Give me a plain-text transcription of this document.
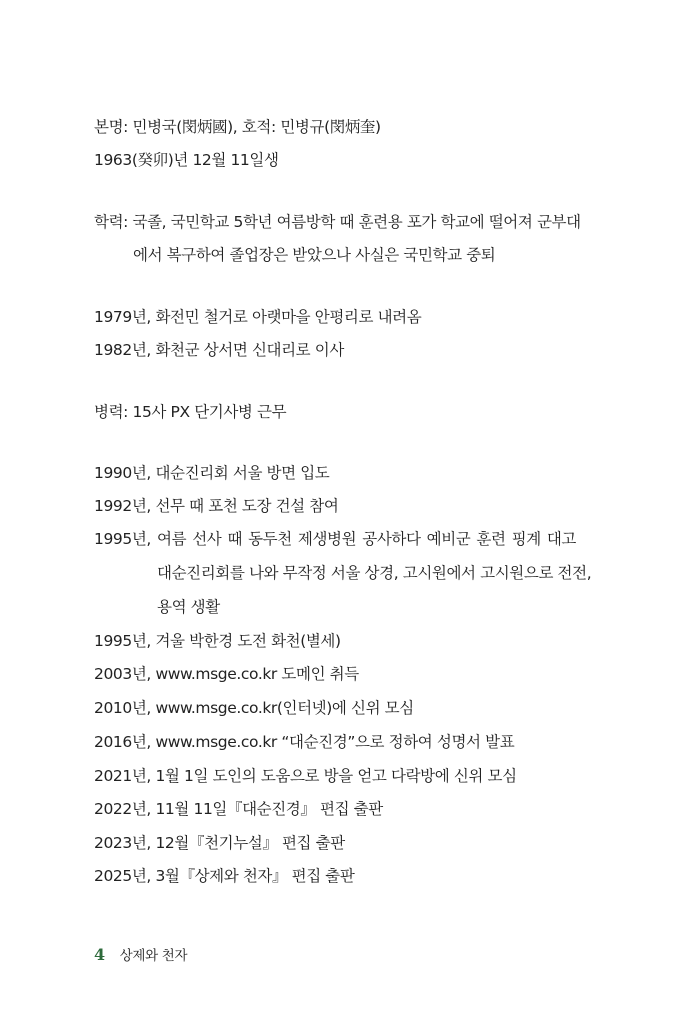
본명: 민병국(閔炳國), 호적: 민병규(閔炳奎)
1963(癸卯)년 12월 11일생
학력: 국졸, 국민학교 5학년 여름방학 때 훈련용 포가 학교에 떨어져 군부대
에서 복구하여 졸업장은 받았으나 사실은 국민학교 중퇴
1979년, 화전민 철거로 아랫마을 안평리로 내려옴
1982년, 화천군 상서면 신대리로 이사
병력: 15사 PX 단기사병 근무
1990년, 대순진리회 서울 방면 입도
1992년, 선무 때 포천 도장 건설 참여
1995년, 여름 선사 때 동두천 제생병원 공사하다 예비군 훈련 핑계 대고
대순진리회를 나와 무작정 서울 상경, 고시원에서 고시원으로 전전,
용역 생활
1995년, 겨울 박한경 도전 화천(별세)
2003년, www.msge.co.kr 도메인 취득
2010년, www.msge.co.kr(인터넷)에 신위 모심
2016년, www.msge.co.kr “대순진경”으로 정하여 성명서 발표
2021년, 1월 1일 도인의 도움으로 방을 얻고 다락방에 신위 모심
2022년, 11월 11일『대순진경』 편집 출판
2023년, 12월『천기누설』 편집 출판
2025년, 3월『상제와 천자』 편집 출판
4 상제와 천자
